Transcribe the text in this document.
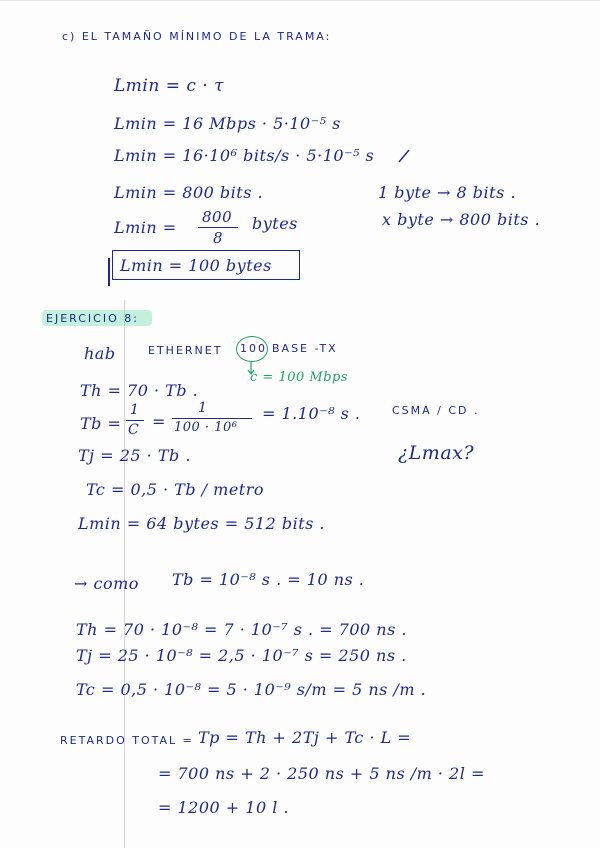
c) EL TAMAÑO MÍNIMO DE LA TRAMA:
Lmin = c · τ
Lmin = 16 Mbps · 5·10⁻⁵ s
Lmin = 16·10⁶ bits/s · 5·10⁻⁵ s
Lmin = 800 bits .	1 byte → 8 bits .
Lmin =
800
8
bytes	x byte → 800 bits .
Lmin = 100 bytes
EJERCICIO 8:
hab	ETHERNET 100 BASE -TX
c = 100 Mbps
Th = 70 · Tb .
Tb =
1
C =
1
100 · 10⁶
= 1.10⁻⁸ s .	CSMA / CD .
Tj = 25 · Tb .	¿Lmax?
Tc = 0,5 · Tb / metro
Lmin = 64 bytes = 512 bits .
→ como Tb = 10⁻⁸ s . = 10 ns .
Th = 70 · 10⁻⁸ = 7 · 10⁻⁷ s . = 700 ns .
Tj = 25 · 10⁻⁸ = 2,5 · 10⁻⁷ s = 250 ns .
Tc = 0,5 · 10⁻⁸ = 5 · 10⁻⁹ s/m = 5 ns /m .
RETARDO TOTAL = Tp = Th + 2Tj + Tc · L =
= 700 ns + 2 · 250 ns + 5 ns /m · 2l =
= 1200 + 10 l .
